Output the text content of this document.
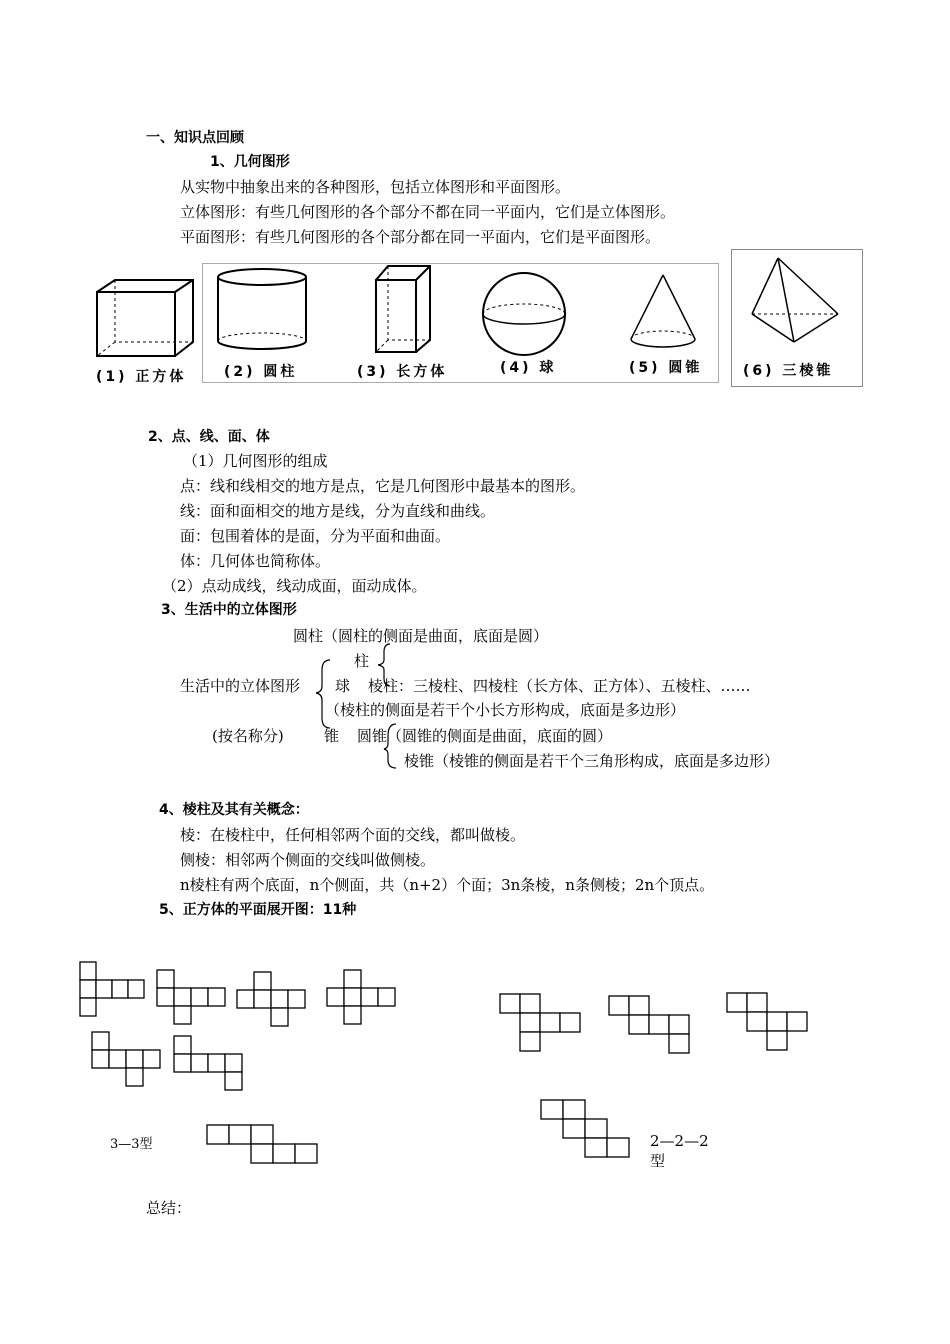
一、知识点回顾
1、几何图形
从实物中抽象出来的各种图形，包括立体图形和平面图形。
立体图形：有些几何图形的各个部分不都在同一平面内，它们是立体图形。
平面图形：有些几何图形的各个部分都在同一平面内，它们是平面图形。
(1) 正方体	(2) 圆柱	(3) 长方体	(4) 球	(5) 圆锥	(6) 三棱锥
2、点、线、面、体
（1）几何图形的组成
点：线和线相交的地方是点，它是几何图形中最基本的图形。
线：面和面相交的地方是线，分为直线和曲线。
面：包围着体的是面，分为平面和曲面。
体：几何体也简称体。
（2）点动成线，线动成面，面动成体。
3、生活中的立体图形
圆柱（圆柱的侧面是曲面，底面是圆）
柱
生活中的立体图形 球 棱柱：三棱柱、四棱柱（长方体、正方体）、五棱柱、……
（棱柱的侧面是若干个小长方形构成，底面是多边形）
(按名称分)	锥 圆锥（圆锥的侧面是曲面，底面的圆）
棱锥（棱锥的侧面是若干个三角形构成，底面是多边形）
4、棱柱及其有关概念：
棱：在棱柱中，任何相邻两个面的交线，都叫做棱。
侧棱：相邻两个侧面的交线叫做侧棱。
n棱柱有两个底面，n个侧面，共（n+2）个面；3n条棱，n条侧棱；2n个顶点。
5、正方体的平面展开图：11种
3—3型	2—2—2
型
总结：
